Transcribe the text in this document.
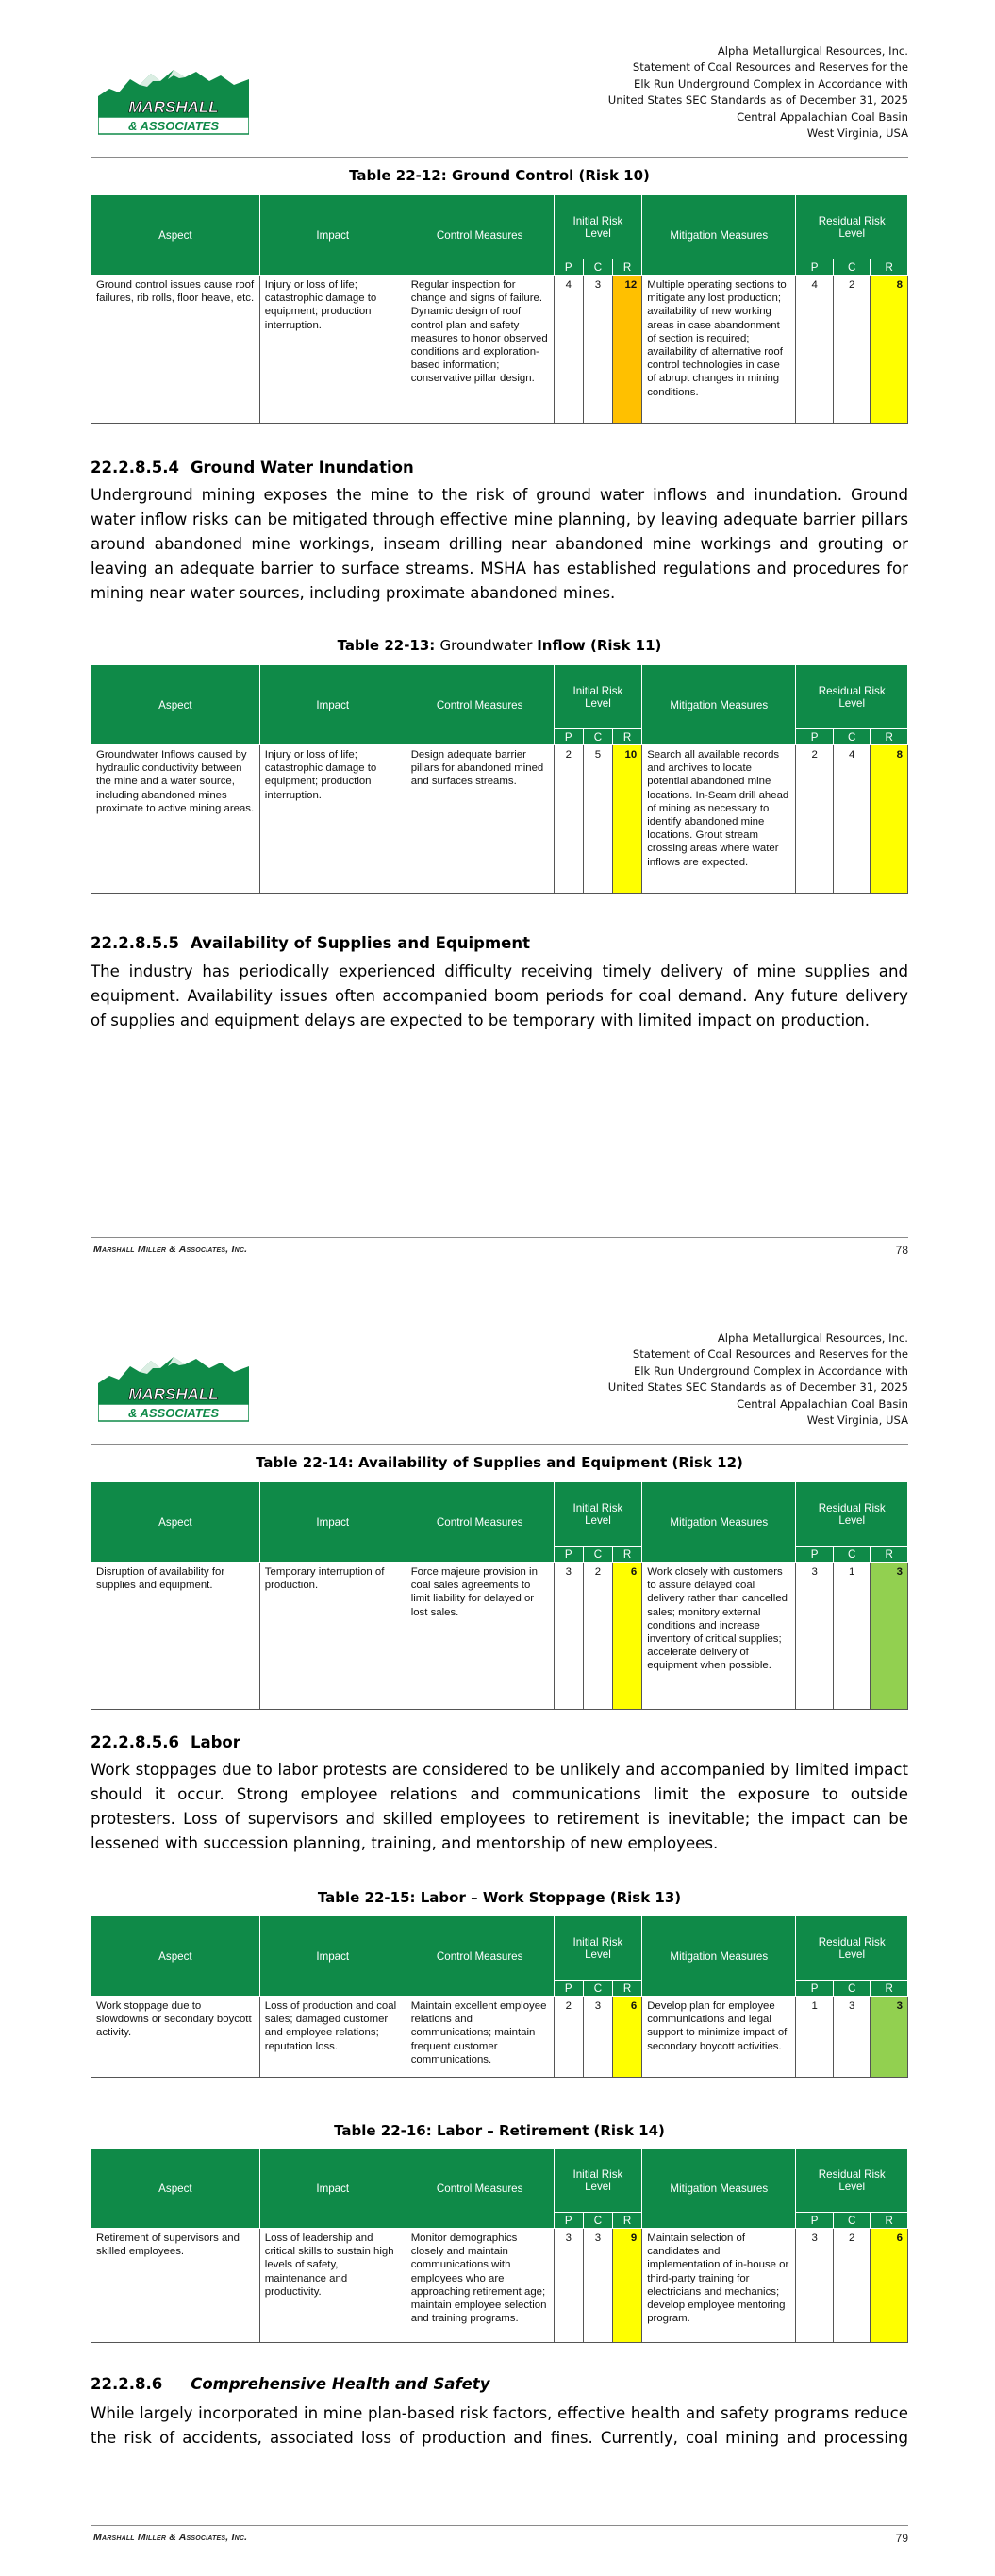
MARSHALL
& ASSOCIATES
Alpha Metallurgical Resources, Inc.
Statement of Coal Resources and Reserves for the
Elk Run Underground Complex in Accordance with
United States SEC Standards as of December 31, 2025
Central Appalachian Coal Basin
West Virginia, USA
Table 22-12: Ground Control (Risk 10)
Aspect	Impact	Control Measures	Initial Risk
Level			Mitigation Measures	Residual Risk
Level		
			P	C	R		P	C	R
Ground control issues cause roof failures, rib rolls, floor heave, etc.	Injury or loss of life; catastrophic damage to equipment; production interruption.	Regular inspection for change and signs of failure. Dynamic design of roof control plan and safety measures to honor observed conditions and exploration-based information; conservative pillar design.	4	3	12	Multiple operating sections to mitigate any lost production; availability of new working areas in case abandonment of section is required; availability of alternative roof control technologies in case of abrupt changes in mining conditions.	4	2	8
22.2.8.5.4 Ground Water Inundation
Underground mining exposes the mine to the risk of ground water inflows and inundation. Ground
water inflow risks can be mitigated through effective mine planning, by leaving adequate barrier pillars
around abandoned mine workings, inseam drilling near abandoned mine workings and grouting or
leaving an adequate barrier to surface streams. MSHA has established regulations and procedures for
mining near water sources, including proximate abandoned mines.
Table 22-13: Groundwater Inflow (Risk 11)
Aspect	Impact	Control Measures	Initial Risk
Level			Mitigation Measures	Residual Risk
Level		
			P	C	R		P	C	R
Groundwater Inflows caused by hydraulic conductivity between the mine and a water source, including abandoned mines proximate to active mining areas.	Injury or loss of life; catastrophic damage to equipment; production interruption.	Design adequate barrier pillars for abandoned mined and surfaces streams.	2	5	10	Search all available records and archives to locate potential abandoned mine locations. In-Seam drill ahead of mining as necessary to identify abandoned mine locations. Grout stream crossing areas where water inflows are expected.	2	4	8
22.2.8.5.5 Availability of Supplies and Equipment
The industry has periodically experienced difficulty receiving timely delivery of mine supplies and
equipment. Availability issues often accompanied boom periods for coal demand. Any future delivery
of supplies and equipment delays are expected to be temporary with limited impact on production.
Marshall Miller & Associates, Inc.	78
MARSHALL
& ASSOCIATES
Alpha Metallurgical Resources, Inc.
Statement of Coal Resources and Reserves for the
Elk Run Underground Complex in Accordance with
United States SEC Standards as of December 31, 2025
Central Appalachian Coal Basin
West Virginia, USA
Table 22-14: Availability of Supplies and Equipment (Risk 12)
Aspect	Impact	Control Measures	Initial Risk
Level			Mitigation Measures	Residual Risk
Level		
			P	C	R		P	C	R
Disruption of availability for supplies and equipment.	Temporary interruption of production.	Force majeure provision in coal sales agreements to limit liability for delayed or lost sales.	3	2	6	Work closely with customers to assure delayed coal delivery rather than cancelled sales; monitory external conditions and increase inventory of critical supplies; accelerate delivery of equipment when possible.	3	1	3
22.2.8.5.6 Labor
Work stoppages due to labor protests are considered to be unlikely and accompanied by limited impact
should it occur. Strong employee relations and communications limit the exposure to outside
protesters. Loss of supervisors and skilled employees to retirement is inevitable; the impact can be
lessened with succession planning, training, and mentorship of new employees.
Table 22-15: Labor – Work Stoppage (Risk 13)
Aspect	Impact	Control Measures	Initial Risk
Level			Mitigation Measures	Residual Risk
Level		
			P	C	R		P	C	R
Work stoppage due to slowdowns or secondary boycott activity.	Loss of production and coal sales; damaged customer and employee relations; reputation loss.	Maintain excellent employee relations and communications; maintain frequent customer communications.	2	3	6	Develop plan for employee communications and legal support to minimize impact of secondary boycott activities.	1	3	3
Table 22-16: Labor – Retirement (Risk 14)
Aspect	Impact	Control Measures	Initial Risk
Level			Mitigation Measures	Residual Risk
Level		
			P	C	R		P	C	R
Retirement of supervisors and skilled employees.	Loss of leadership and critical skills to sustain high levels of safety, maintenance and productivity.	Monitor demographics closely and maintain communications with employees who are approaching retirement age; maintain employee selection and training programs.	3	3	9	Maintain selection of candidates and implementation of in-house or third-party training for electricians and mechanics; develop employee mentoring program.	3	2	6
22.2.8.6 Comprehensive Health and Safety
While largely incorporated in mine plan-based risk factors, effective health and safety programs reduce
the risk of accidents, associated loss of production and fines. Currently, coal mining and processing
Marshall Miller & Associates, Inc.	79
